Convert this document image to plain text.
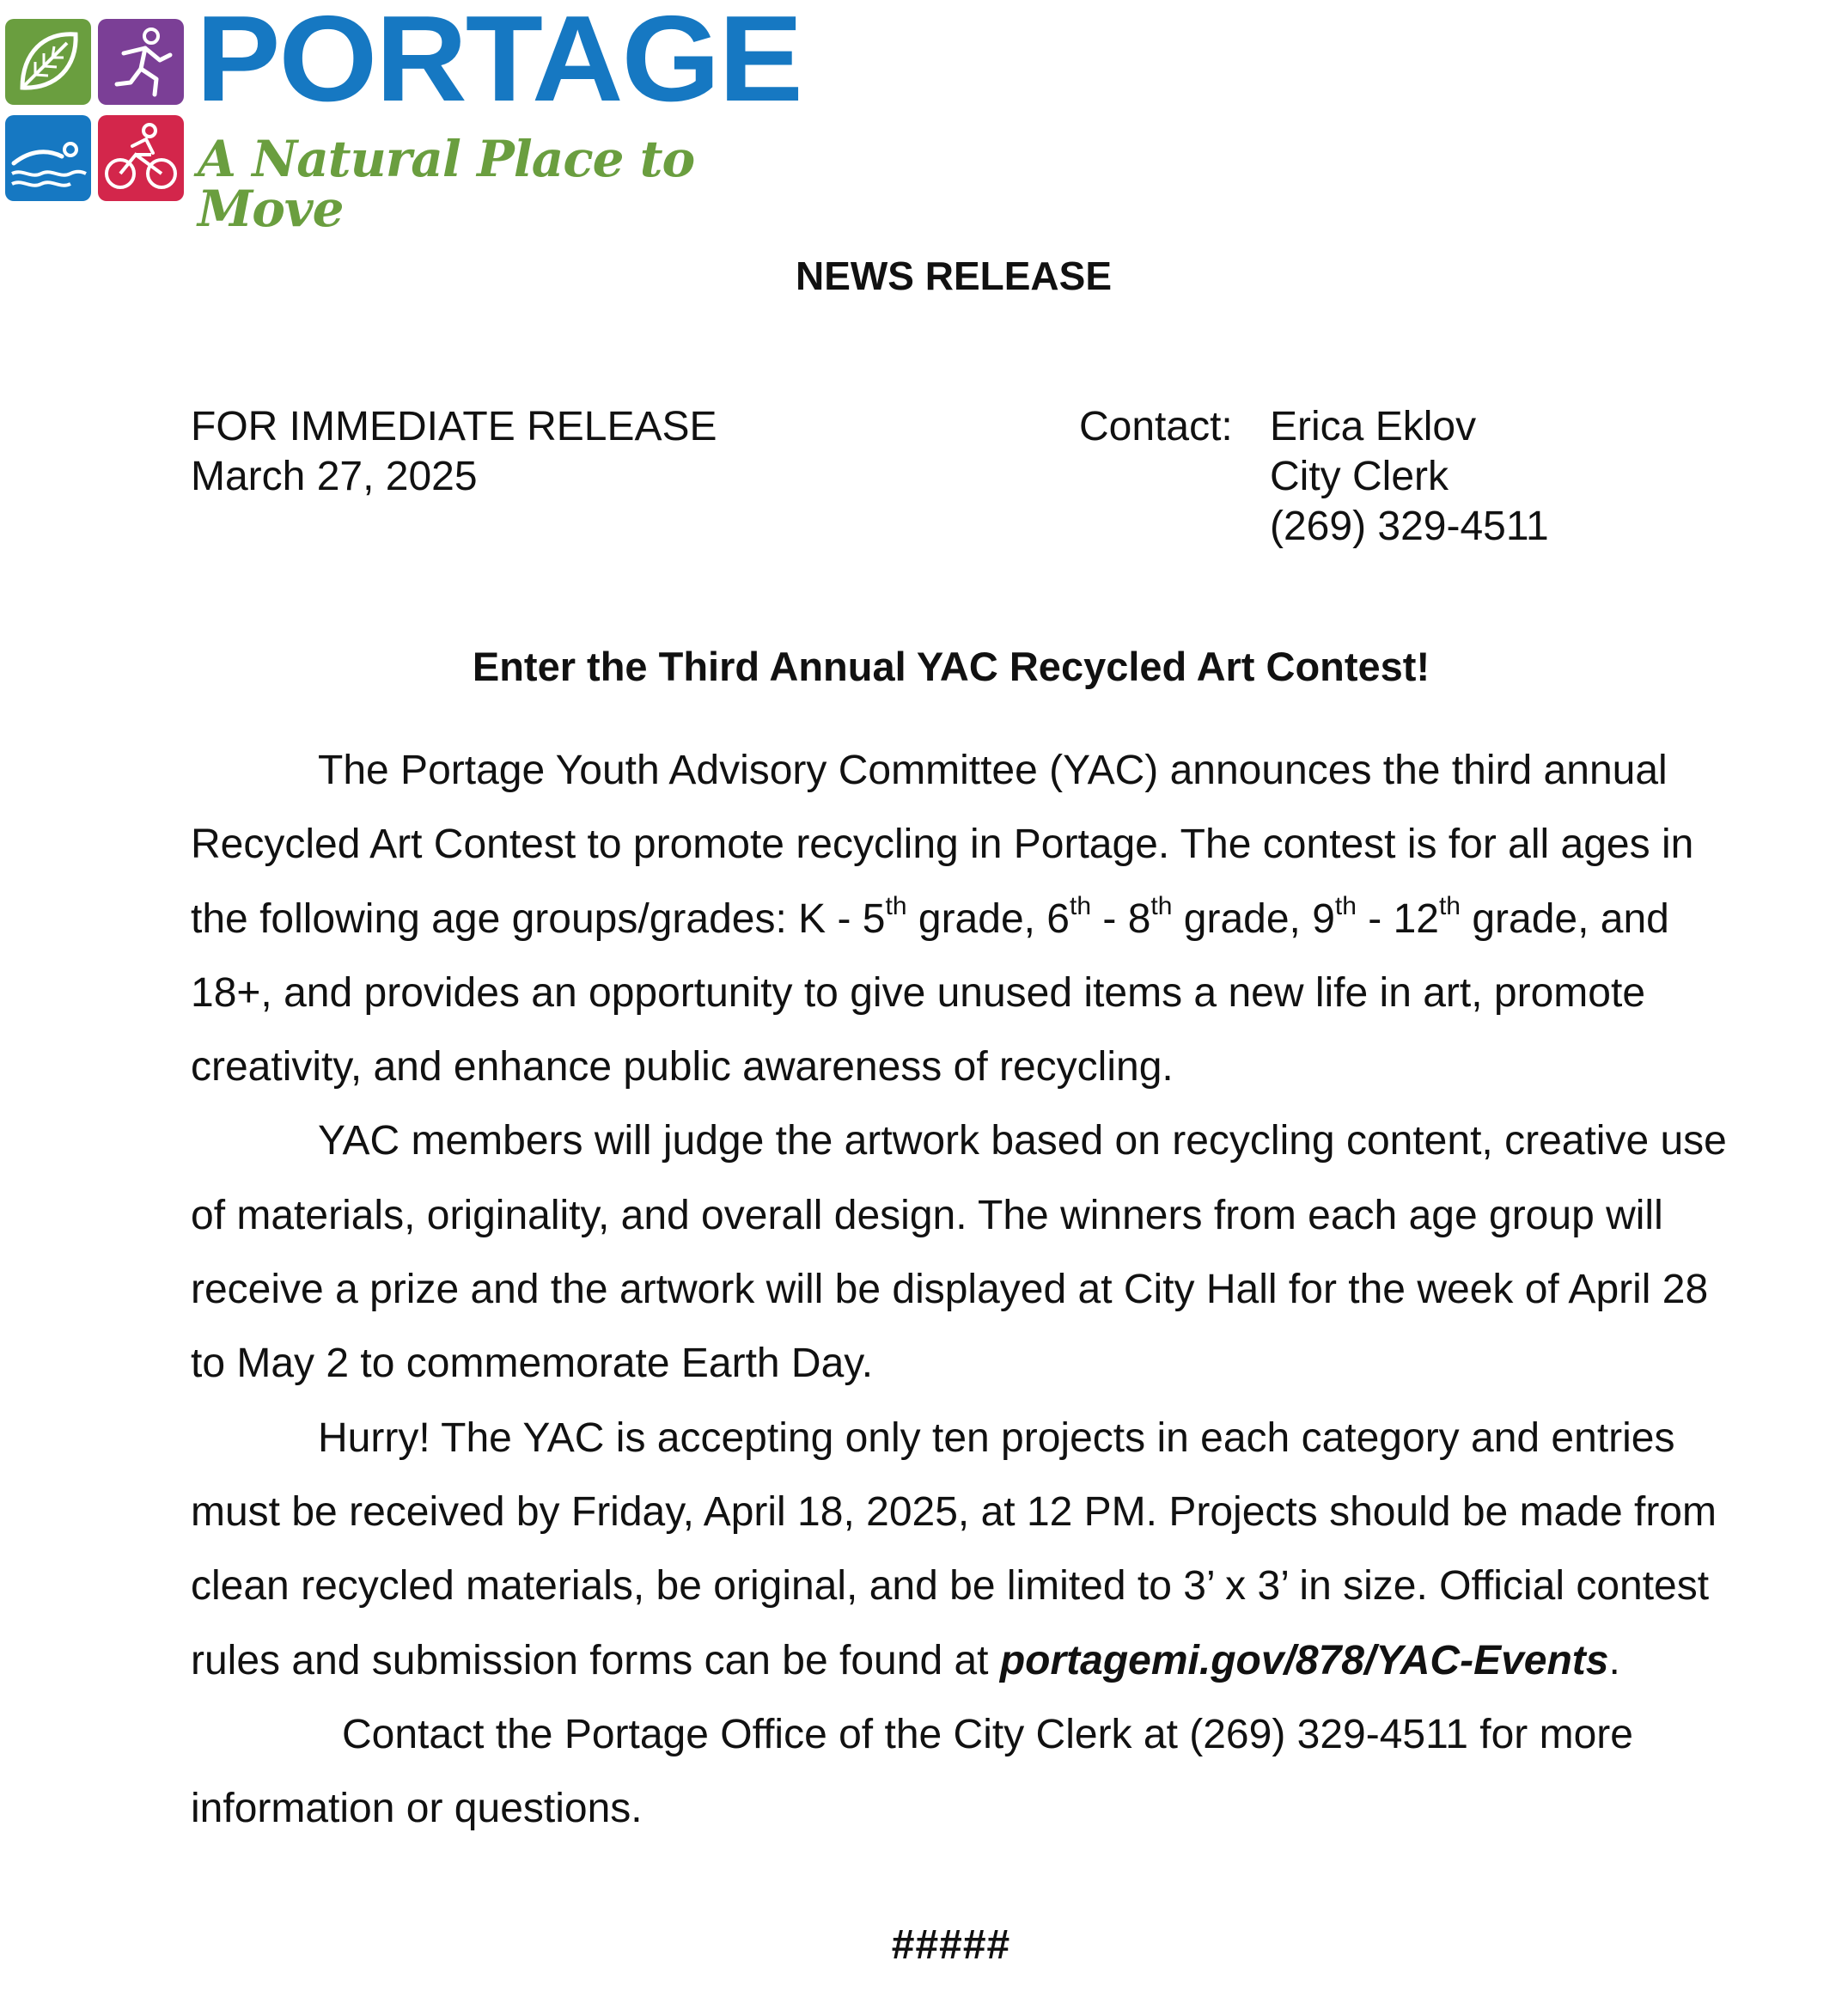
PORTAGE
A Natural Place to Move
NEWS RELEASE
FOR IMMEDIATE RELEASE
March 27, 2025
Contact: Erica Eklov
City Clerk
(269) 329-4511
Enter the Third Annual YAC Recycled Art Contest!

The Portage Youth Advisory Committee (YAC) announces the third annual Recycled Art Contest to promote recycling in Portage. The contest is for all ages in the following age groups/grades: K - 5th grade, 6th - 8th grade, 9th - 12th grade, and 18+, and provides an opportunity to give unused items a new life in art, promote creativity, and enhance public awareness of recycling.

YAC members will judge the artwork based on recycling content, creative use of materials, originality, and overall design. The winners from each age group will receive a prize and the artwork will be displayed at City Hall for the week of April 28 to May 2 to commemorate Earth Day.

Hurry! The YAC is accepting only ten projects in each category and entries must be received by Friday, April 18, 2025, at 12 PM. Projects should be made from clean recycled materials, be original, and be limited to 3’ x 3’ in size. Official contest rules and submission forms can be found at portagemi.gov/878/YAC-Events.

Contact the Portage Office of the City Clerk at (269) 329-4511 for more information or questions.

#####
